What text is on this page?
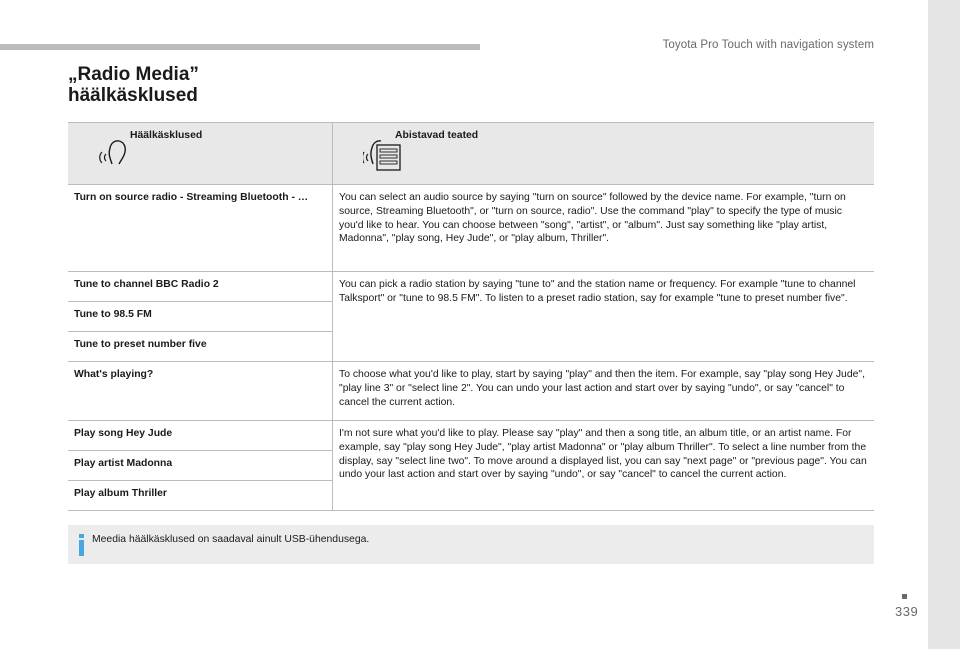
Toyota Pro Touch with navigation system
339
„Radio Media”
häälkäsklused
Häälkäsklused	Abistavad teated

Turn on source radio - Streaming Bluetooth - …	You can select an audio source by saying "turn on source" followed by the device name. For example, "turn on source, Streaming Bluetooth", or "turn on source, radio". Use the command "play" to specify the type of music you'd like to hear. You can choose between "song", "artist", or "album". Just say something like "play artist, Madonna", "play song, Hey Jude", or "play album, Thriller".
Tune to channel BBC Radio 2	You can pick a radio station by saying "tune to" and the station name or frequency. For example "tune to channel Talksport" or "tune to 98.5 FM". To listen to a preset radio station, say for example "tune to preset number five".
Tune to 98.5 FM	
Tune to preset number five	
What's playing?	To choose what you'd like to play, start by saying "play" and then the item. For example, say "play song Hey Jude", "play line 3" or "select line 2". You can undo your last action and start over by saying "undo", or say "cancel" to cancel the current action.
Play song Hey Jude	I'm not sure what you'd like to play. Please say "play" and then a song title, an album title, or an artist name. For example, say "play song Hey Jude", "play artist Madonna" or "play album Thriller". To select a line number from the display, say "select line two". To move around a displayed list, you can say "next page" or "previous page". You can undo your last action and start over by saying "undo", or say "cancel" to cancel the current action.
Play artist Madonna	
Play album Thriller	
Meedia häälkäsklused on saadaval ainult USB-ühendusega.
